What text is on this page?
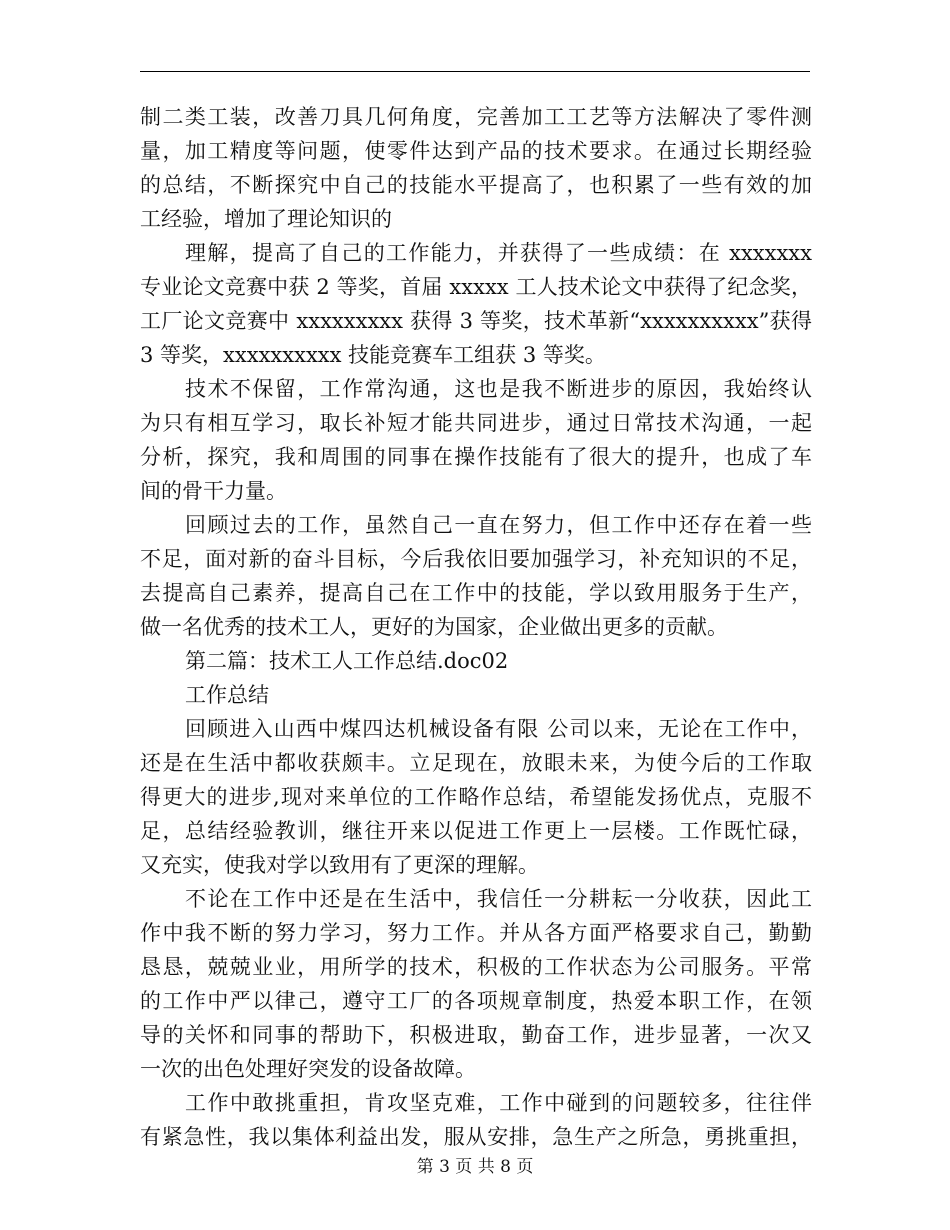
制二类工装，改善刀具几何角度，完善加工工艺等方法解决了零件测
量，加工精度等问题，使零件达到产品的技术要求。在通过长期经验
的总结，不断探究中自己的技能水平提高了，也积累了一些有效的加
工经验，增加了理论知识的
理解，提高了自己的工作能力，并获得了一些成绩：在 xxxxxxx
专业论文竞赛中获 2 等奖，首届 xxxxx 工人技术论文中获得了纪念奖，
工厂论文竞赛中 xxxxxxxxx 获得 3 等奖，技术革新“xxxxxxxxxx”获得
3 等奖，xxxxxxxxxx 技能竞赛车工组获 3 等奖。
技术不保留，工作常沟通，这也是我不断进步的原因，我始终认
为只有相互学习，取长补短才能共同进步，通过日常技术沟通，一起
分析，探究，我和周围的同事在操作技能有了很大的提升，也成了车
间的骨干力量。
回顾过去的工作，虽然自己一直在努力，但工作中还存在着一些
不足，面对新的奋斗目标，今后我依旧要加强学习，补充知识的不足，
去提高自己素养，提高自己在工作中的技能，学以致用服务于生产，
做一名优秀的技术工人，更好的为国家，企业做出更多的贡献。
第二篇：技术工人工作总结.doc02
工作总结
回顾进入山西中煤四达机械设备有限 公司以来，无论在工作中，
还是在生活中都收获颇丰。立足现在，放眼未来，为使今后的工作取
得更大的进步,现对来单位的工作略作总结，希望能发扬优点，克服不
足，总结经验教训，继往开来以促进工作更上一层楼。工作既忙碌，
又充实，使我对学以致用有了更深的理解。
不论在工作中还是在生活中，我信任一分耕耘一分收获，因此工
作中我不断的努力学习，努力工作。并从各方面严格要求自己，勤勤
恳恳，兢兢业业，用所学的技术，积极的工作状态为公司服务。平常
的工作中严以律己，遵守工厂的各项规章制度，热爱本职工作，在领
导的关怀和同事的帮助下，积极进取，勤奋工作，进步显著，一次又
一次的出色处理好突发的设备故障。
工作中敢挑重担，肯攻坚克难，工作中碰到的问题较多，往往伴
有紧急性，我以集体利益出发，服从安排，急生产之所急，勇挑重担，
第 3 页 共 8 页
